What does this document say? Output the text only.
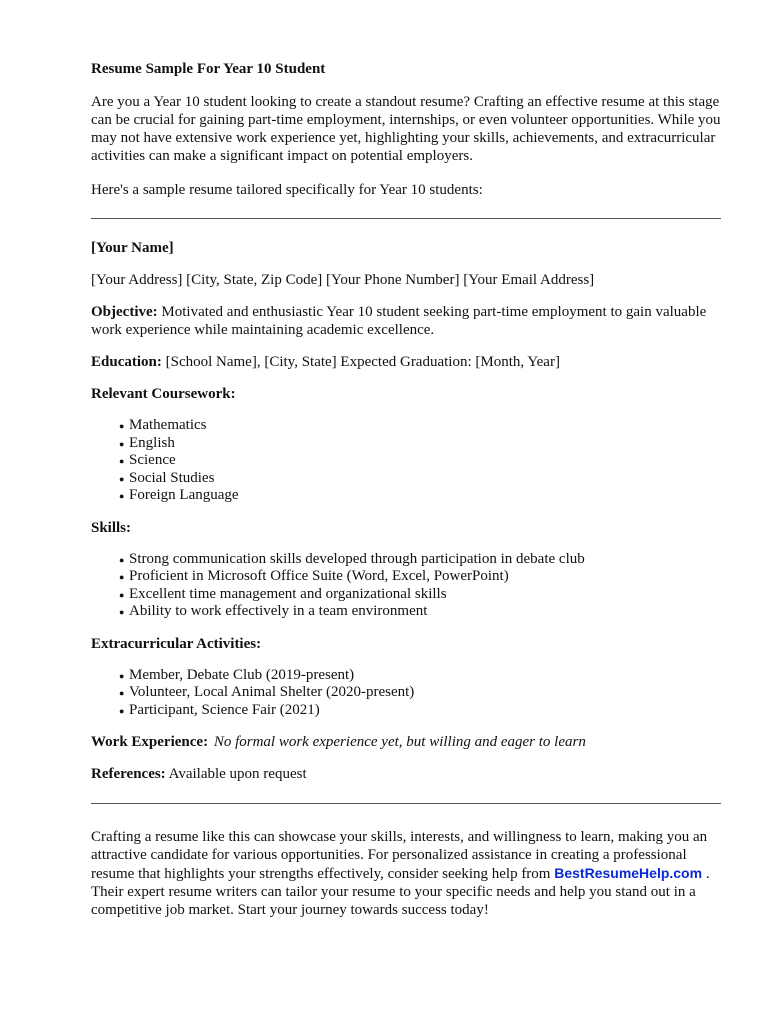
Resume Sample For Year 10 Student

Are you a Year 10 student looking to create a standout resume? Crafting an effective resume at this stage can be crucial for gaining part-time employment, internships, or even volunteer opportunities. While you may not have extensive work experience yet, highlighting your skills, achievements, and extracurricular activities can make a significant impact on potential employers.

Here's a sample resume tailored specifically for Year 10 students:

[Your Name]

[Your Address] [City, State, Zip Code] [Your Phone Number] [Your Email Address]

Objective: Motivated and enthusiastic Year 10 student seeking part-time employment to gain valuable work experience while maintaining academic excellence.

Education: [School Name], [City, State] Expected Graduation: [Month, Year]

Relevant Coursework:
●
Mathematics
●
English
●
Science
●
Social Studies
●
Foreign Language
Skills:
●
Strong communication skills developed through participation in debate club
●
Proficient in Microsoft Office Suite (Word, Excel, PowerPoint)
●
Excellent time management and organizational skills
●
Ability to work effectively in a team environment
Extracurricular Activities:
●
Member, Debate Club (2019-present)
●
Volunteer, Local Animal Shelter (2020-present)
●
Participant, Science Fair (2021)

Work Experience: No formal work experience yet, but willing and eager to learn

References: Available upon request

Crafting a resume like this can showcase your skills, interests, and willingness to learn, making you an attractive candidate for various opportunities. For personalized assistance in creating a professional resume that highlights your strengths effectively, consider seeking help from BestResumeHelp.com . Their expert resume writers can tailor your resume to your specific needs and help you stand out in a competitive job market. Start your journey towards success today!
